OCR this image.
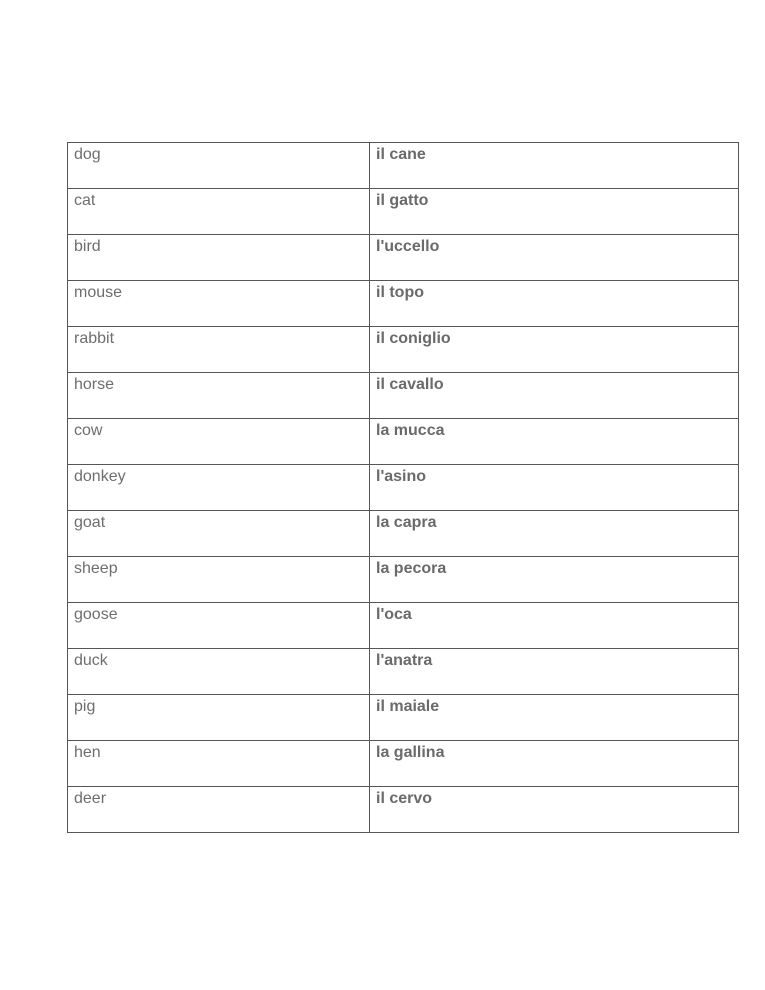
dog	il cane
cat	il gatto
bird	l'uccello
mouse	il topo
rabbit	il coniglio
horse	il cavallo
cow	la mucca
donkey	l'asino
goat	la capra
sheep	la pecora
goose	l'oca
duck	l'anatra
pig	il maiale
hen	la gallina
deer	il cervo
